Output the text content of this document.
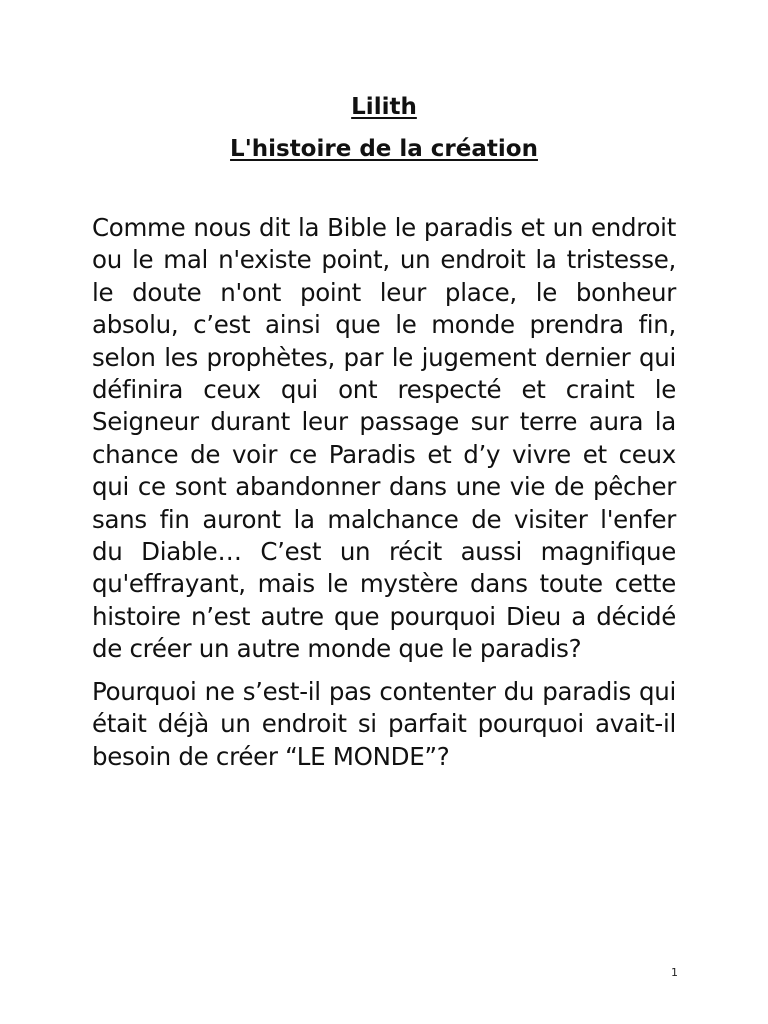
Lilith
L'histoire de la création

Comme nous dit la Bible le paradis et un endroit ou le mal n'existe point, un endroit la tristesse, le doute n'ont point leur place, le bonheur absolu, c’est ainsi que le monde prendra fin, selon les prophètes, par le jugement dernier qui définira ceux qui ont respecté et craint le Seigneur durant leur passage sur terre aura la chance de voir ce Paradis et d’y vivre et ceux qui ce sont abandonner dans une vie de pêcher sans fin auront la malchance de visiter l'enfer du Diable… C’est un récit aussi magnifique qu'effrayant, mais le mystère dans toute cette histoire n’est autre que pourquoi Dieu a décidé de créer un autre monde que le paradis?

Pourquoi ne s’est-il pas contenter du paradis qui était déjà un endroit si parfait pourquoi avait-il besoin de créer “LE MONDE”?

1
